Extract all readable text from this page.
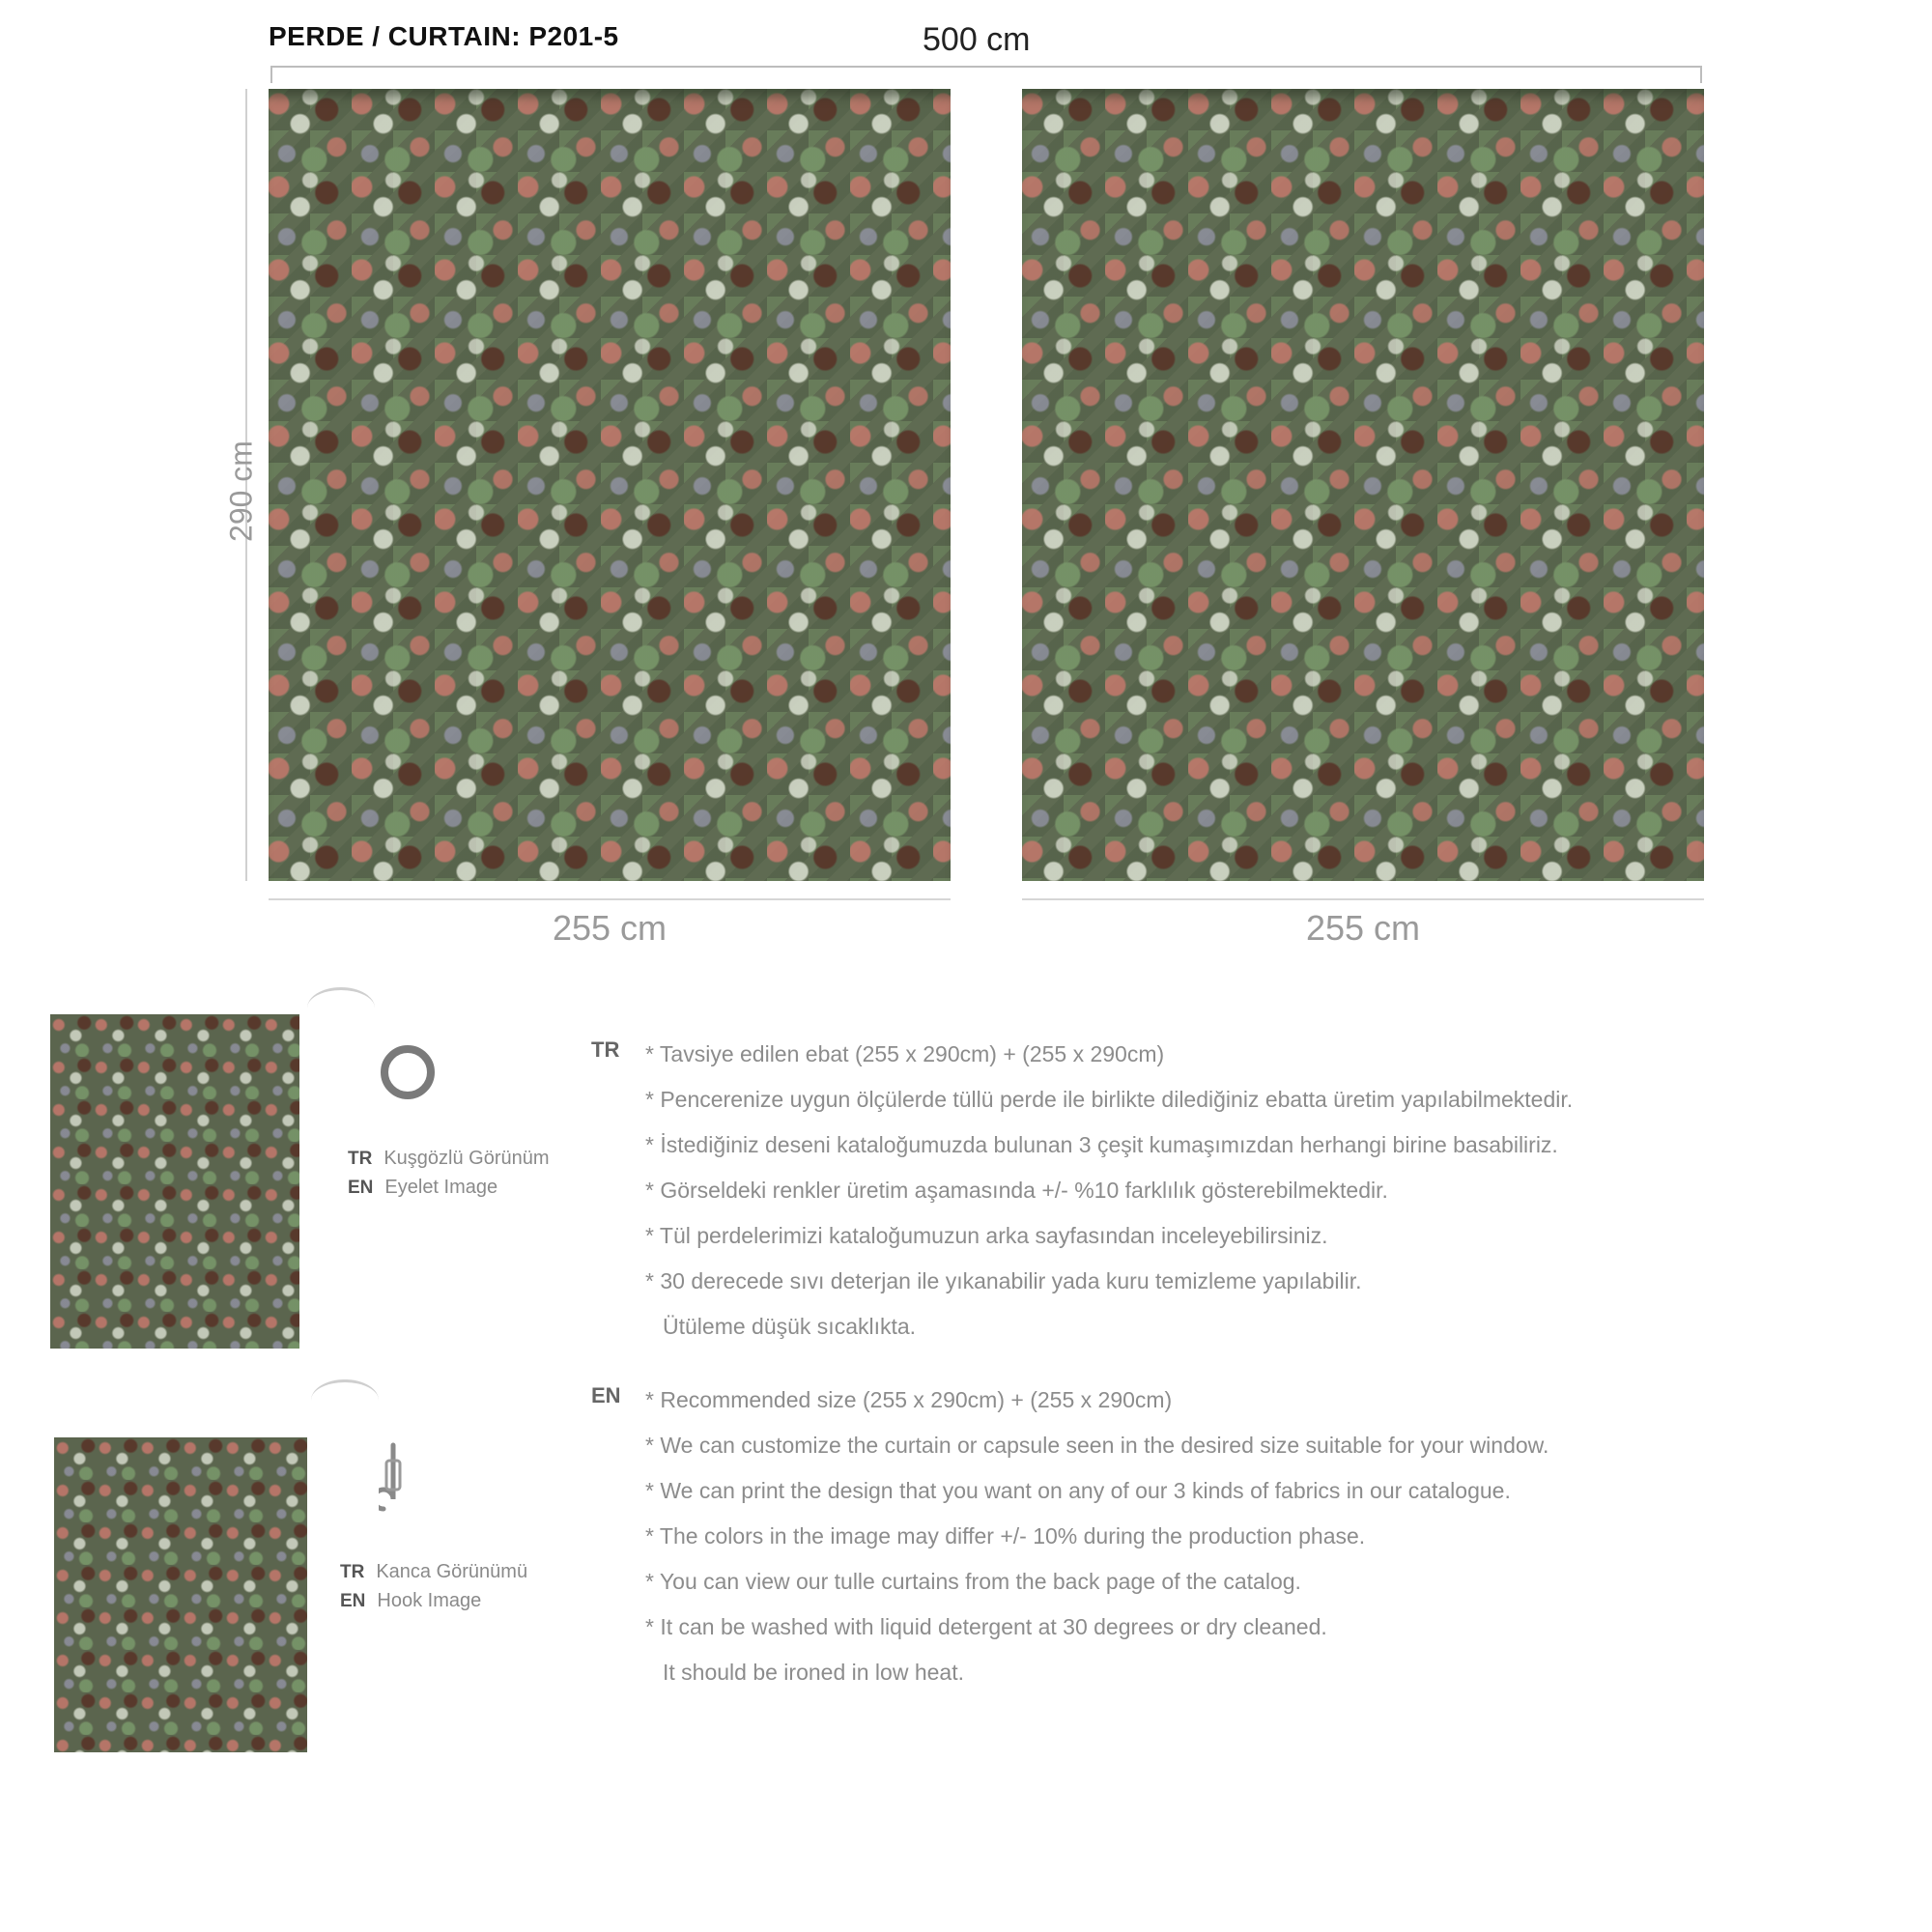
PERDE / CURTAIN: P201-5	500 cm
290 cm
255 cm	255 cm
TR Kuşgözlü Görünüm
EN Eyelet Image
TR Kanca Görünümü
EN Hook Image
TR * Tavsiye edilen ebat (255 x 290cm) + (255 x 290cm)
* Pencerenize uygun ölçülerde tüllü perde ile birlikte dilediğiniz ebatta üretim yapılabilmektedir.
* İstediğiniz deseni kataloğumuzda bulunan 3 çeşit kumaşımızdan herhangi birine basabiliriz.
* Görseldeki renkler üretim aşamasında +/- %10 farklılık gösterebilmektedir.
* Tül perdelerimizi kataloğumuzun arka sayfasından inceleyebilirsiniz.
* 30 derecede sıvı deterjan ile yıkanabilir yada kuru temizleme yapılabilir.
Ütüleme düşük sıcaklıkta.
EN * Recommended size (255 x 290cm) + (255 x 290cm)
* We can customize the curtain or capsule seen in the desired size suitable for your window.
* We can print the design that you want on any of our 3 kinds of fabrics in our catalogue.
* The colors in the image may differ +/- 10% during the production phase.
* You can view our tulle curtains from the back page of the catalog.
* It can be washed with liquid detergent at 30 degrees or dry cleaned.
It should be ironed in low heat.
